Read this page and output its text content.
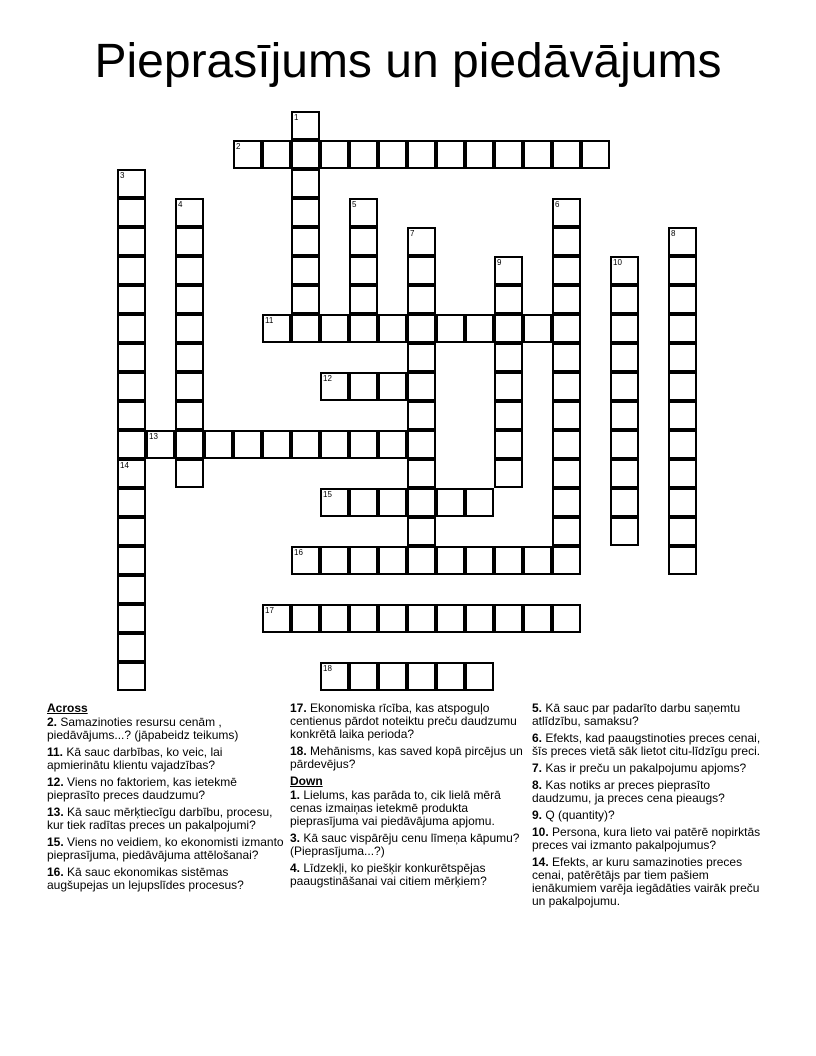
Pieprasījums un piedāvājums
1
2
3
4	5	6
7	8
9	10
11
12
13
14
15
16
17
18
Across
2. Samazinoties resursu cenām , piedāvājums...? (jāpabeidz teikums)
11. Kā sauc darbības, ko veic, lai apmierinātu klientu vajadzības?
12. Viens no faktoriem, kas ietekmē pieprasīto preces daudzumu?
13. Kā sauc mērķtiecīgu darbību, procesu, kur tiek radītas preces un pakalpojumi?
15. Viens no veidiem, ko ekonomisti izmanto pieprasījuma, piedāvājuma attēlošanai?
16. Kā sauc ekonomikas sistēmas augšupejas un lejupslīdes procesus?
17. Ekonomiska rīcība, kas atspoguļo centienus pārdot noteiktu preču daudzumu konkrētā laika perioda?
18. Mehānisms, kas saved kopā pircējus un pārdevējus?
Down
1. Lielums, kas parāda to, cik lielā mērā cenas izmaiņas ietekmē produkta pieprasījuma vai piedāvājuma apjomu.
3. Kā sauc vispārēju cenu līmeņa kāpumu? (Pieprasījuma...?)
4. Līdzekļi, ko piešķir konkurētspējas paaugstināšanai vai citiem mērķiem?
5. Kā sauc par padarīto darbu saņemtu atlīdzību, samaksu?
6. Efekts, kad paaugstinoties preces cenai, šīs preces vietā sāk lietot citu-līdzīgu preci.
7. Kas ir preču un pakalpojumu apjoms?
8. Kas notiks ar preces pieprasīto daudzumu, ja preces cena pieaugs?
9. Q (quantity)?
10. Persona, kura lieto vai patērē nopirktās preces vai izmanto pakalpojumus?
14. Efekts, ar kuru samazinoties preces cenai, patērētājs par tiem pašiem ienākumiem varēja iegādāties vairāk preču un pakalpojumu.
